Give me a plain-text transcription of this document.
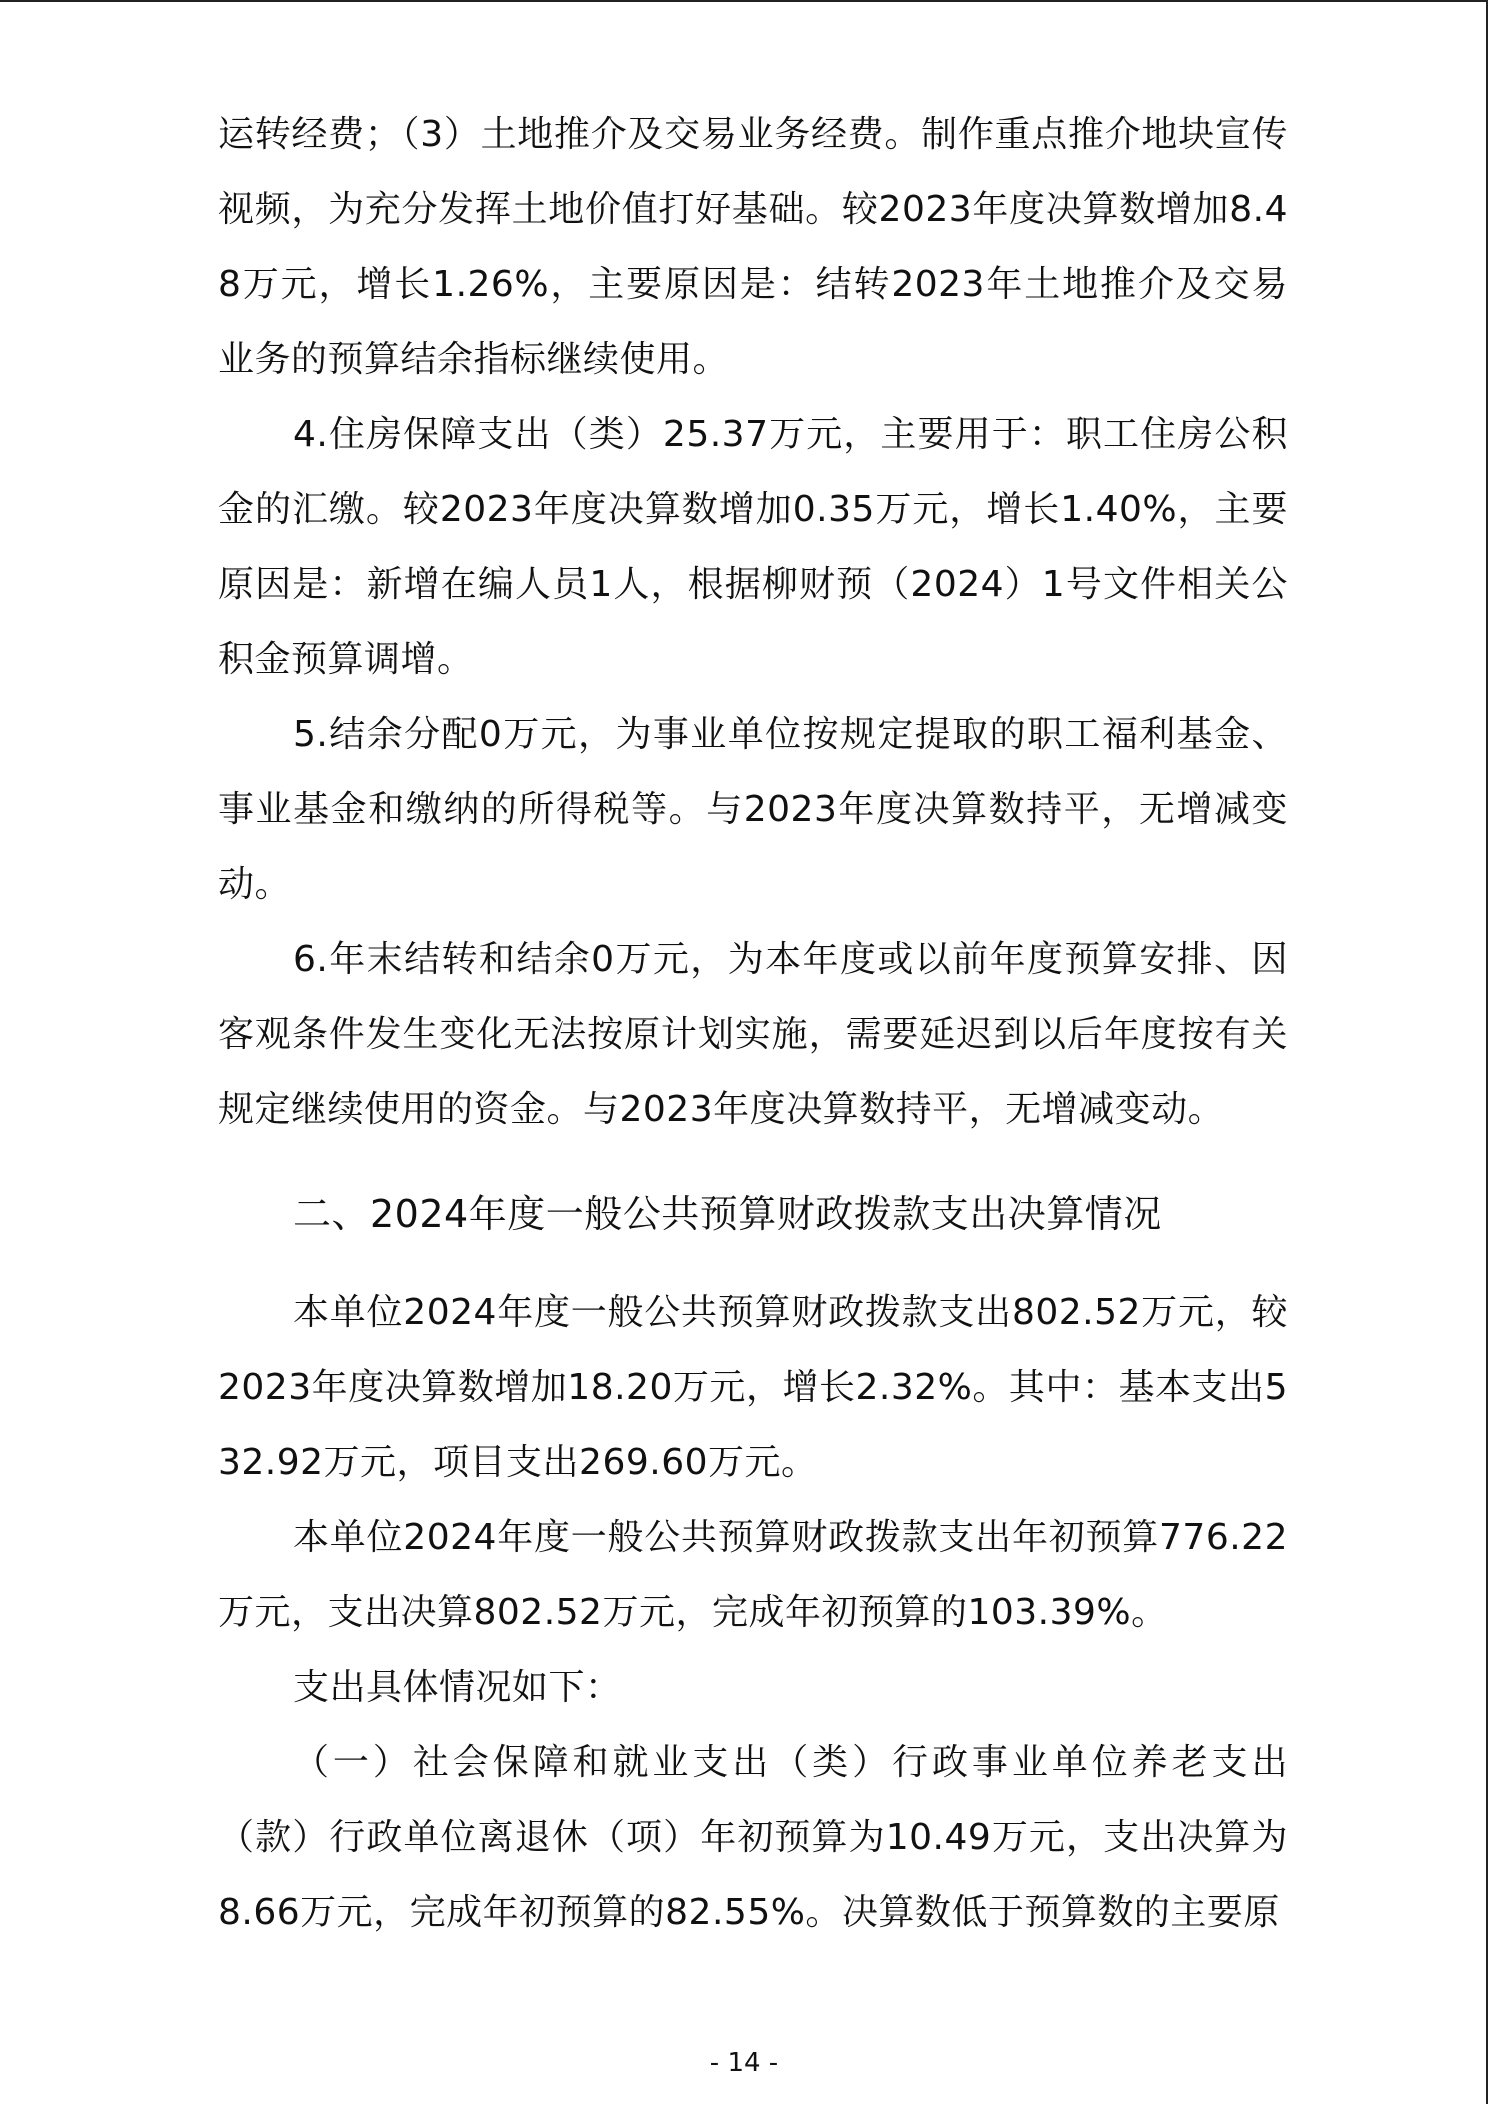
运转经费；（3）土地推介及交易业务经费。制作重点推介地块宣传视频，为充分发挥土地价值打好基础。较2023年度决算数增加8.48万元，增长1.26%，主要原因是：结转2023年土地推介及交易业务的预算结余指标继续使用。

4.住房保障支出（类）25.37万元，主要用于：职工住房公积金的汇缴。较2023年度决算数增加0.35万元，增长1.40%，主要原因是：新增在编人员1人，根据柳财预（2024）1号文件相关公积金预算调增。

5.结余分配0万元，为事业单位按规定提取的职工福利基金、事业基金和缴纳的所得税等。与2023年度决算数持平，无增减变动。

6.年末结转和结余0万元，为本年度或以前年度预算安排、因客观条件发生变化无法按原计划实施，需要延迟到以后年度按有关规定继续使用的资金。与2023年度决算数持平，无增减变动。

二、2024年度一般公共预算财政拨款支出决算情况

本单位2024年度一般公共预算财政拨款支出802.52万元，较2023年度决算数增加18.20万元，增长2.32%。其中：基本支出532.92万元，项目支出269.60万元。

本单位2024年度一般公共预算财政拨款支出年初预算776.22万元，支出决算802.52万元，完成年初预算的103.39%。

支出具体情况如下：

（一）社会保障和就业支出（类）行政事业单位养老支出（款）行政单位离退休（项）年初预算为10.49万元，支出决算为8.66万元，完成年初预算的82.55%。决算数低于预算数的主要原

- 14 -
